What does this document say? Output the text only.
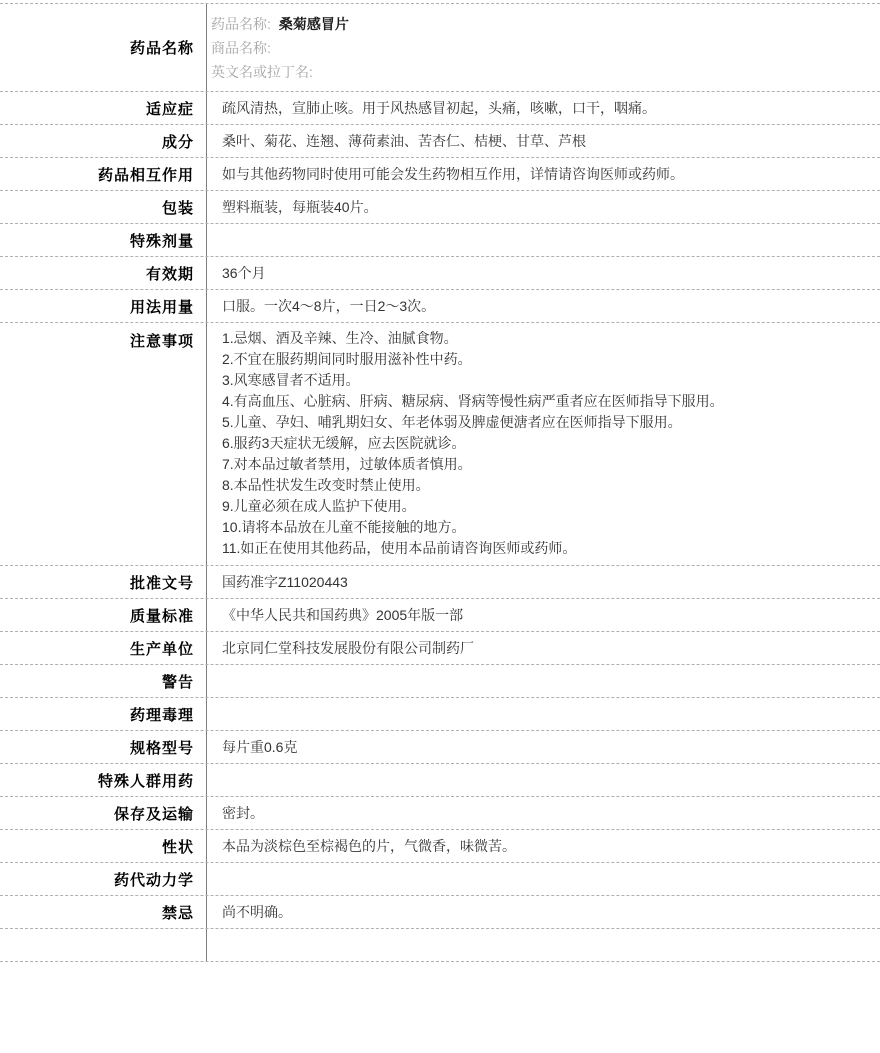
药品名称
药品名称: 桑菊感冒片
商品名称:
英文名或拉丁名:
适应症	疏风清热，宣肺止咳。用于风热感冒初起，头痛，咳嗽，口干，咽痛。
成分	桑叶、菊花、连翘、薄荷素油、苦杏仁、桔梗、甘草、芦根
药品相互作用	如与其他药物同时使用可能会发生药物相互作用，详情请咨询医师或药师。
包装	塑料瓶装，每瓶装40片。
特殊剂量
有效期	36个月
用法用量	口服。一次4～8片，一日2～3次。
注意事项 1.忌烟、酒及辛辣、生冷、油腻食物。
2.不宜在服药期间同时服用滋补性中药。
3.风寒感冒者不适用。
4.有高血压、心脏病、肝病、糖尿病、肾病等慢性病严重者应在医师指导下服用。
5.儿童、孕妇、哺乳期妇女、年老体弱及脾虚便溏者应在医师指导下服用。
6.服药3天症状无缓解，应去医院就诊。
7.对本品过敏者禁用，过敏体质者慎用。
8.本品性状发生改变时禁止使用。
9.儿童必须在成人监护下使用。
10.请将本品放在儿童不能接触的地方。
11.如正在使用其他药品，使用本品前请咨询医师或药师。
批准文号	国药准字Z11020443
质量标准	《中华人民共和国药典》2005年版一部
生产单位	北京同仁堂科技发展股份有限公司制药厂
警告
药理毒理
规格型号	每片重0.6克
特殊人群用药
保存及运输	密封。
性状	本品为淡棕色至棕褐色的片，气微香，味微苦。
药代动力学
禁忌	尚不明确。
